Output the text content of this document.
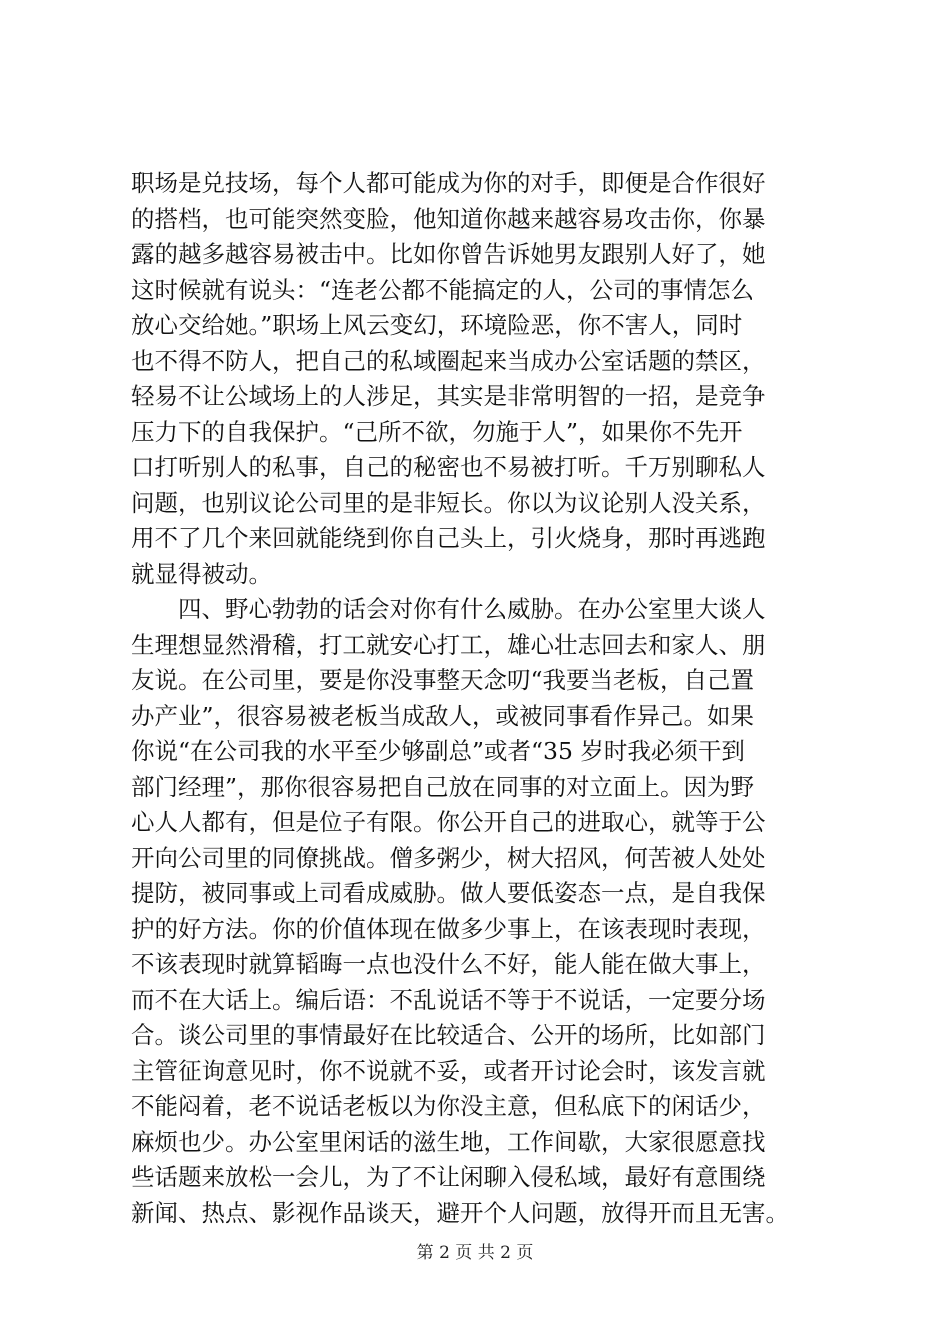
职场是兑技场，每个人都可能成为你的对手，即便是合作很好
的搭档，也可能突然变脸，他知道你越来越容易攻击你，你暴
露的越多越容易被击中。比如你曾告诉她男友跟别人好了，她
这时候就有说头：“连老公都不能搞定的人，公司的事情怎么
放心交给她。”职场上风云变幻，环境险恶，你不害人，同时
也不得不防人，把自己的私域圈起来当成办公室话题的禁区，
轻易不让公域场上的人涉足，其实是非常明智的一招，是竞争
压力下的自我保护。“己所不欲，勿施于人”，如果你不先开
口打听别人的私事，自己的秘密也不易被打听。千万别聊私人
问题，也别议论公司里的是非短长。你以为议论别人没关系，
用不了几个来回就能绕到你自己头上，引火烧身，那时再逃跑
就显得被动。
　　四、野心勃勃的话会对你有什么威胁。在办公室里大谈人
生理想显然滑稽，打工就安心打工，雄心壮志回去和家人、朋
友说。在公司里，要是你没事整天念叨“我要当老板，自己置
办产业”，很容易被老板当成敌人，或被同事看作异己。如果
你说“在公司我的水平至少够副总”或者“35 岁时我必须干到
部门经理”，那你很容易把自己放在同事的对立面上。因为野
心人人都有，但是位子有限。你公开自己的进取心，就等于公
开向公司里的同僚挑战。僧多粥少，树大招风，何苦被人处处
提防，被同事或上司看成威胁。做人要低姿态一点，是自我保
护的好方法。你的价值体现在做多少事上，在该表现时表现，
不该表现时就算韬晦一点也没什么不好，能人能在做大事上，
而不在大话上。编后语：不乱说话不等于不说话，一定要分场
合。谈公司里的事情最好在比较适合、公开的场所，比如部门
主管征询意见时，你不说就不妥，或者开讨论会时，该发言就
不能闷着，老不说话老板以为你没主意，但私底下的闲话少，
麻烦也少。办公室里闲话的滋生地，工作间歇，大家很愿意找
些话题来放松一会儿，为了不让闲聊入侵私域，最好有意围绕
新闻、热点、影视作品谈天，避开个人问题，放得开而且无害。
第 2 页 共 2 页
